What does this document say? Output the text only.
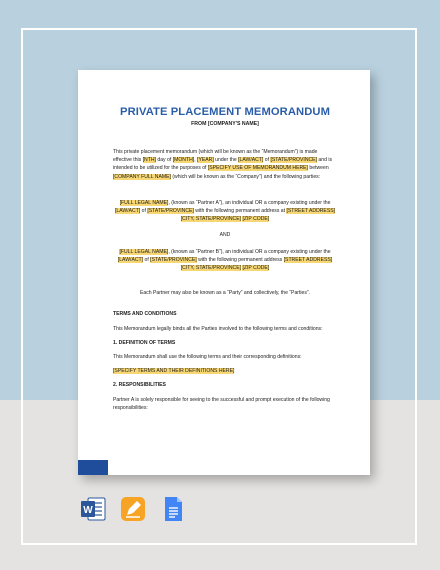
PRIVATE PLACEMENT MEMORANDUM
FROM [COMPANY'S NAME]
This private placement memorandum (which will be known as the “Memorandum”) is made effective this [NTH] day of [MONTH], [YEAR] under the [LAW/ACT] of [STATE/PROVINCE] and is intended to be utilized for the purposes of [SPECIFY USE OF MEMORANDUM HERE] between [COMPANY FULL NAME] (which will be known as the “Company”) and the following parties:
[FULL LEGAL NAME], (known as “Partner A”), an individual OR a company existing under the [LAW/ACT] of [STATE/PROVINCE] with the following permanent address at [STREET ADDRESS] [CITY, STATE/PROVINCE] [ZIP CODE]
AND
[FULL LEGAL NAME], (known as “Partner B”), an individual OR a company existing under the [LAW/ACT] of [STATE/PROVINCE] with the following permanent address [STREET ADDRESS] [CITY, STATE/PROVINCE] [ZIP CODE]
Each Partner may also be known as a “Party” and collectively, the “Parties”.
TERMS AND CONDITIONS
This Memorandum legally binds all the Parties involved to the following terms and conditions:
1. DEFINITION OF TERMS
This Memorandum shall use the following terms and their corresponding definitions:
[SPECIFY TERMS AND THEIR DEFINITIONS HERE]
2. RESPONSIBILITIES
Partner A is solely responsible for seeing to the successful and prompt execution of the following responsibilities:
W
